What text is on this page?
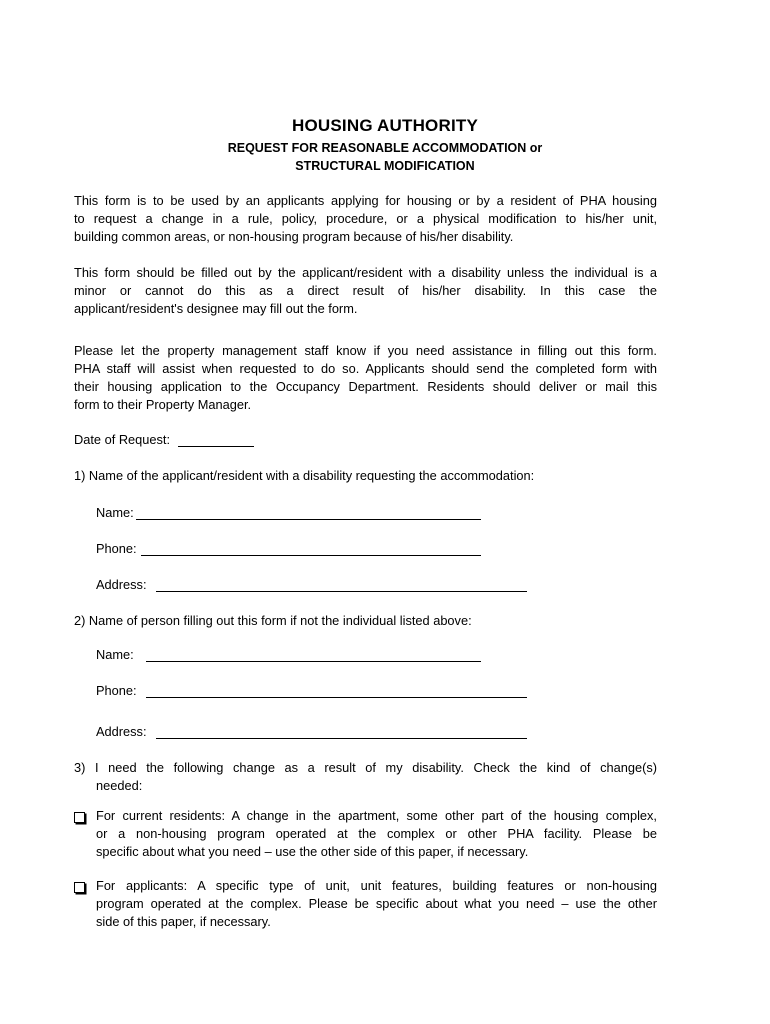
HOUSING AUTHORITY
REQUEST FOR REASONABLE ACCOMMODATION or
STRUCTURAL MODIFICATION
This form is to be used by an applicants applying for housing or by a resident of PHA housing
to request a change in a rule, policy, procedure, or a physical modification to his/her unit,
building common areas, or non-housing program because of his/her disability.
This form should be filled out by the applicant/resident with a disability unless the individual is a
minor or cannot do this as a direct result of his/her disability. In this case the
applicant/resident's designee may fill out the form.
Please let the property management staff know if you need assistance in filling out this form.
PHA staff will assist when requested to do so. Applicants should send the completed form with
their housing application to the Occupancy Department. Residents should deliver or mail this
form to their Property Manager.
Date of Request:
1) Name of the applicant/resident with a disability requesting the accommodation:
Name:
Phone:
Address:
2) Name of person filling out this form if not the individual listed above:
Name:
Phone:
Address:
3) I need the following change as a result of my disability. Check the kind of change(s)
needed:
For current residents: A change in the apartment, some other part of the housing complex,
or a non-housing program operated at the complex or other PHA facility. Please be
specific about what you need – use the other side of this paper, if necessary.
For applicants: A specific type of unit, unit features, building features or non-housing
program operated at the complex. Please be specific about what you need – use the other
side of this paper, if necessary.
